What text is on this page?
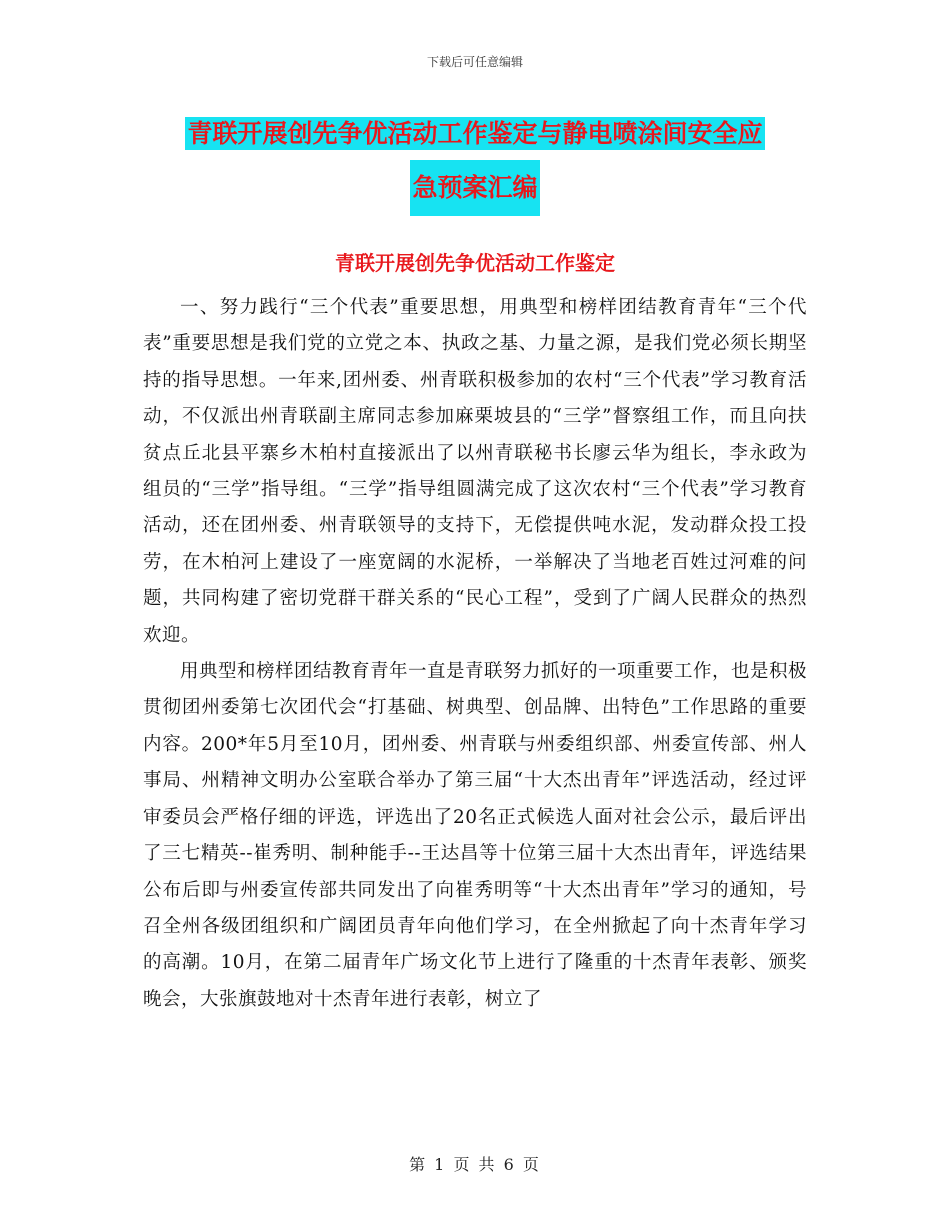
下载后可任意编辑
青联开展创先争优活动工作鉴定与静电喷涂间安全应
急预案汇编
青联开展创先争优活动工作鉴定

一、努力践行“三个代表”重要思想，用典型和榜样团结教育青年“三个代表”重要思想是我们党的立党之本、执政之基、力量之源，是我们党必须长期坚持的指导思想。一年来,团州委、州青联积极参加的农村“三个代表”学习教育活动，不仅派出州青联副主席同志参加麻栗坡县的“三学”督察组工作，而且向扶贫点丘北县平寨乡木柏村直接派出了以州青联秘书长廖云华为组长，李永政为组员的“三学”指导组。“三学”指导组圆满完成了这次农村“三个代表”学习教育活动，还在团州委、州青联领导的支持下，无偿提供吨水泥，发动群众投工投劳，在木柏河上建设了一座宽阔的水泥桥，一举解决了当地老百姓过河难的问题，共同构建了密切党群干群关系的“民心工程”，受到了广阔人民群众的热烈欢迎。

用典型和榜样团结教育青年一直是青联努力抓好的一项重要工作，也是积极贯彻团州委第七次团代会“打基础、树典型、创品牌、出特色”工作思路的重要内容。200*年5月至10月，团州委、州青联与州委组织部、州委宣传部、州人事局、州精神文明办公室联合举办了第三届“十大杰出青年”评选活动，经过评审委员会严格仔细的评选，评选出了20名正式候选人面对社会公示，最后评出了三七精英--崔秀明、制种能手--王达昌等十位第三届十大杰出青年，评选结果公布后即与州委宣传部共同发出了向崔秀明等“十大杰出青年”学习的通知，号召全州各级团组织和广阔团员青年向他们学习，在全州掀起了向十杰青年学习的高潮。10月，在第二届青年广场文化节上进行了隆重的十杰青年表彰、颁奖晚会，大张旗鼓地对十杰青年进行表彰，树立了

第 1 页 共 6 页
